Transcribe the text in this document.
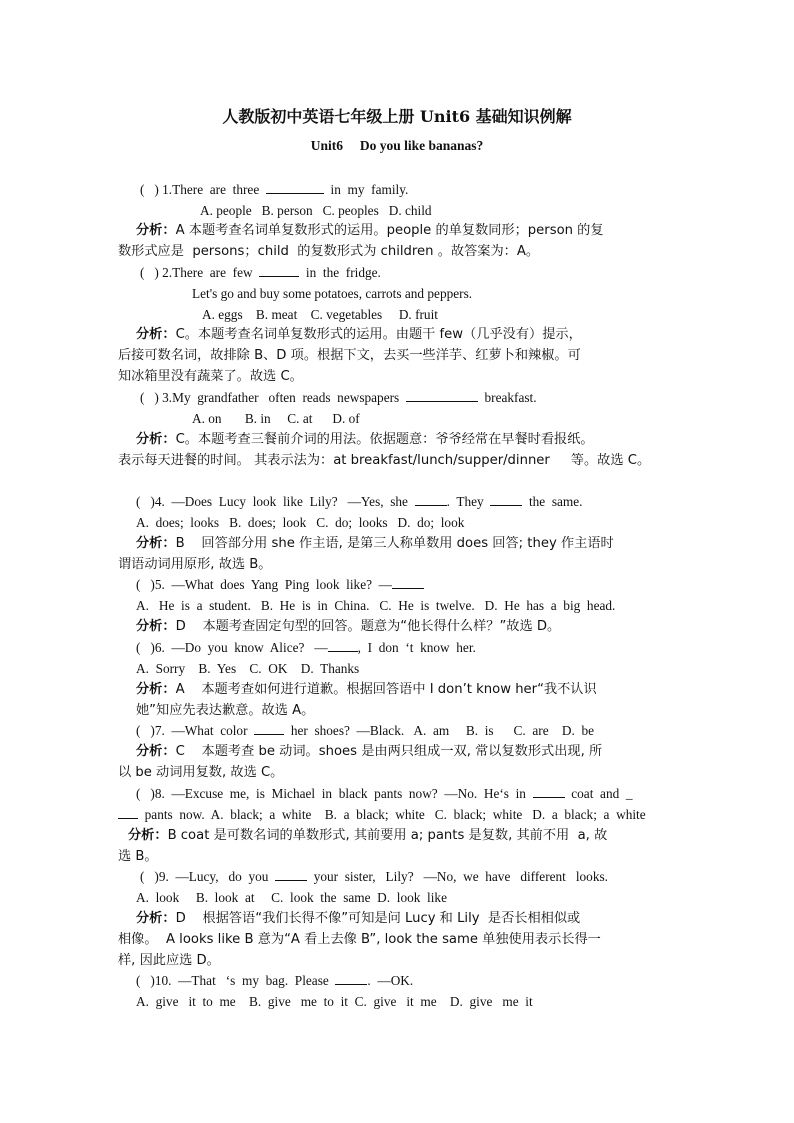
人教版初中英语七年级上册 Unit6 基础知识例解
Unit6     Do you like bananas?
(   ) 1.There  are  three	in  my  family.
A. people   B. person   C. peoples   D. child
分析：A 本题考查名词单复数形式的运用。people 的单复数同形；person 的复
数形式应是  persons；child  的复数形式为 children 。故答案为：A。
(   ) 2.There  are  few	in  the  fridge.
Let's go and buy some potatoes, carrots and peppers.
A. eggs    B. meat    C. vegetables     D. fruit
分析：C。本题考查名词单复数形式的运用。由题干 few（几乎没有）提示，
后接可数名词，故排除 B、D 项。根据下文，去买一些洋芋、红萝卜和辣椒。可
知冰箱里没有蔬菜了。故选 C。
(   ) 3.My  grandfather   often  reads  newspapers	breakfast.
A. on       B. in     C. at      D. of
分析：C。本题考查三餐前介词的用法。依据题意：爷爷经常在早餐时看报纸。
表示每天进餐的时间。 其表示法为：at breakfast/lunch/supper/dinner     等。故选 C。
(   )4.  —Does  Lucy  look  like  Lily?   —Yes,  she  .  They    the  same.
A.  does;  looks   B.  does;  look   C.  do;  looks   D.  do;  look
分析：B    回答部分用 she 作主语, 是第三人称单数用 does 回答; they 作主语时
谓语动词用原形, 故选 B。
(   )5.  —What  does  Yang  Ping  look  like?  —
A.   He  is  a  student.   B.  He  is  in  China.   C.  He  is  twelve.   D.  He  has  a  big  head.
分析：D    本题考查固定句型的回答。题意为“他长得什么样？”故选 D。
(   )6.  —Do  you  know  Alice?   — ,  I  don  ‘t  know  her.
A.  Sorry    B.  Yes    C.  OK    D.  Thanks
分析：A    本题考查如何进行道歉。根据回答语中 I don’t know her“我不认识
她”知应先表达歉意。故选 A。
(   )7.  —What  color    her  shoes?  —Black.   A.  am     B.  is      C.  are    D.  be
分析：C    本题考查 be 动词。shoes 是由两只组成一双, 常以复数形式出现, 所
以 be 动词用复数, 故选 C。
(   )8.  —Excuse  me,  is  Michael  in  black  pants  now?  —No.  He‘s  in    coat  and  _
pants  now.  A.  black;  a  white    B.  a  black;  white   C.  black;  white   D.  a  black;  a  white
分析：B coat 是可数名词的单数形式, 其前要用 a; pants 是复数, 其前不用  a, 故
选 B。
(   )9.  —Lucy,   do  you    your  sister,   Lily?   —No,  we  have   different   looks.
A.  look     B.  look  at     C.  look  the  same  D.  look  like
分析：D    根据答语“我们长得不像”可知是问 Lucy 和 Lily  是否长相相似或
相像。  A looks like B 意为“A 看上去像 B”, look the same 单独使用表示长得一
样, 因此应选 D。
(   )10.  —That   ‘s  my  bag.  Please  .  —OK.
A.  give   it  to  me    B.  give   me  to  it  C.  give   it  me    D.  give   me  it
